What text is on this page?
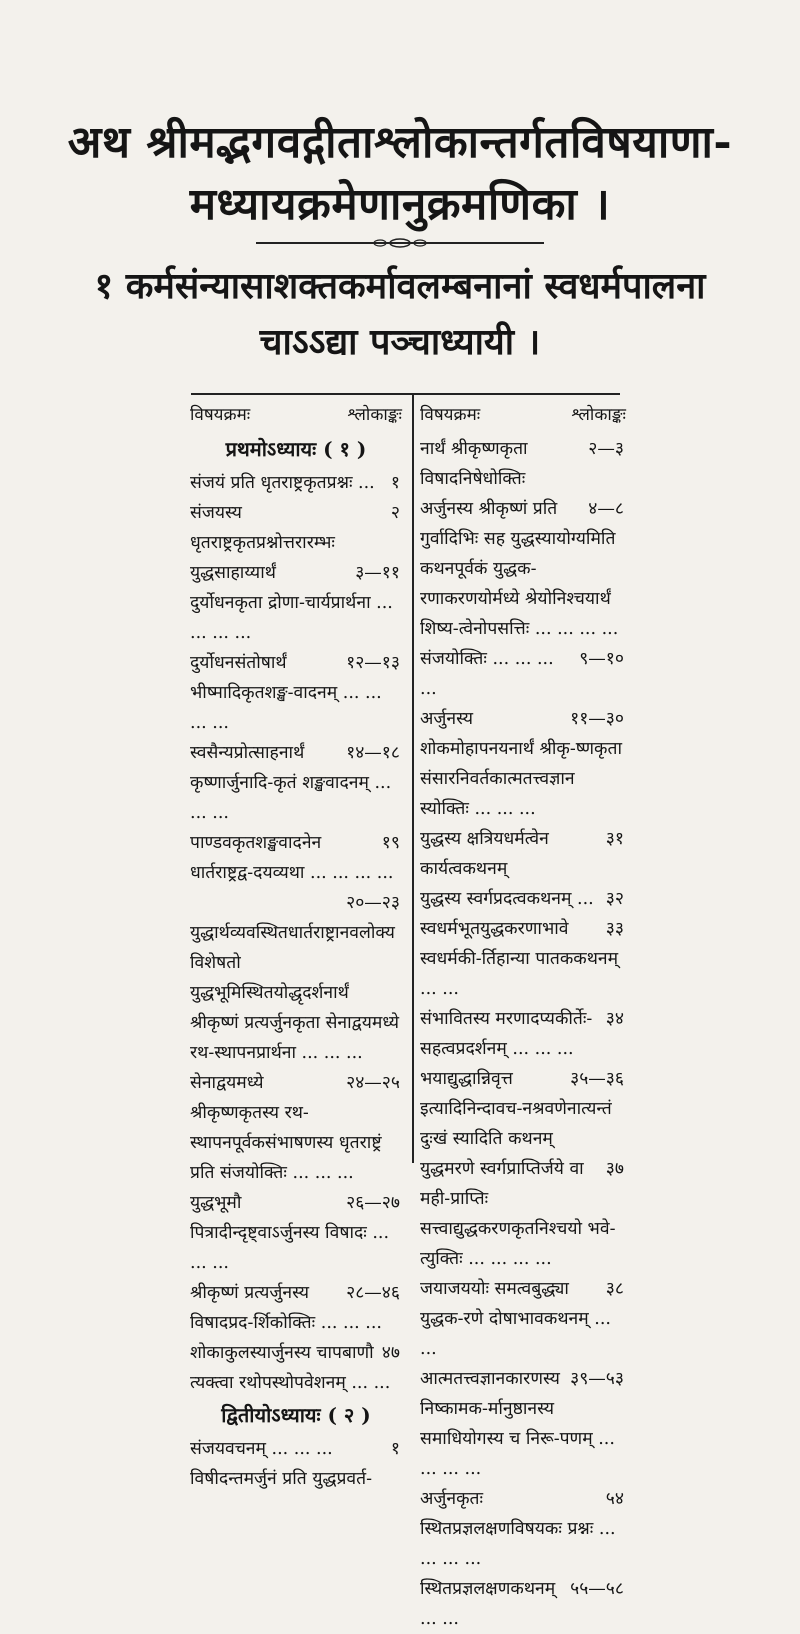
अथ श्रीमद्भगवद्गीताश्लोकान्तर्गतविषयाणा-
मध्यायक्रमेणानुक्रमणिका ।
१ कर्मसंन्यासाशक्तकर्मावलम्बनानां स्वधर्मपालना
चाऽऽद्या पञ्चाध्यायी ।
विषयक्रमः	श्लोकाङ्कः
प्रथमोऽध्यायः ( १ )
१
संजयं प्रति धृतराष्ट्रकृतप्रश्नः ...
२
संजयस्य धृतराष्ट्रकृतप्रश्नोत्तरारम्भः
३—११
युद्धसाहाय्यार्थं दुर्योधनकृता द्रोणा-चार्यप्रार्थना ... ... ... ...
१२—१३
दुर्योधनसंतोषार्थं भीष्मादिकृतशङ्ख-वादनम् ... ... ... ...
१४—१८
स्वसैन्यप्रोत्साहनार्थं कृष्णार्जुनादि-कृतं शङ्खवादनम् ... ... ...
१९
पाण्डवकृतशङ्खवादनेन धार्तराष्ट्रद्व-दयव्यथा ... ... ... ...
२०—२३
युद्धार्थव्यवस्थितधार्तराष्ट्रानवलोक्य विशेषतो युद्धभूमिस्थितयोद्धृदर्शनार्थं श्रीकृष्णं प्रत्यर्जुनकृता सेनाद्वयमध्ये रथ-स्थापनप्रार्थना ... ... ...
२४—२५
सेनाद्वयमध्ये श्रीकृष्णकृतस्य रथ-स्थापनपूर्वकसंभाषणस्य धृतराष्ट्रं प्रति संजयोक्तिः ... ... ...
२६—२७
युद्धभूमौ पित्रादीन्दृष्ट्वाऽर्जुनस्य विषादः ... ... ...
२८—४६
श्रीकृष्णं प्रत्यर्जुनस्य विषादप्रद-र्शिकोक्तिः ... ... ...
४७
शोकाकुलस्यार्जुनस्य चापबाणौ त्यक्त्वा रथोपस्थोपवेशनम् ... ...
द्वितीयोऽध्यायः ( २ )
१
संजयवचनम् ... ... ...
विषीदन्तमर्जुनं प्रति युद्धप्रवर्त-
विषयक्रमः	श्लोकाङ्कः
२—३
नार्थं श्रीकृष्णकृता विषादनिषेधोक्तिः
४—८
अर्जुनस्य श्रीकृष्णं प्रति गुर्वादिभिः सह युद्धस्यायोग्यमिति कथनपूर्वकं युद्धक-रणाकरणयोर्मध्ये श्रेयोनिश्चयार्थं शिष्य-त्वेनोपसत्तिः ... ... ... ...
९—१०
संजयोक्तिः ... ... ... ...
११—३०
अर्जुनस्य शोकमोहापनयनार्थं श्रीकृ-ष्णकृता संसारनिवर्तकात्मतत्त्वज्ञान स्योक्तिः ... ... ...
३१
युद्धस्य क्षत्रियधर्मत्वेन कार्यत्वकथनम्
३२
युद्धस्य स्वर्गप्रदत्वकथनम् ...
३३
स्वधर्मभूतयुद्धकरणाभावे स्वधर्मकी-र्तिहान्या पातककथनम् ... ...
३४
संभावितस्य मरणादप्यकीर्तेः-सहत्वप्रदर्शनम् ... ... ...
३५—३६
भयाद्युद्धान्निवृत्त इत्यादिनिन्दावच-नश्रवणेनात्यन्तं दुःखं स्यादिति कथनम्
३७
युद्धमरणे स्वर्गप्राप्तिर्जये वा मही-प्राप्तिः सत्त्वाद्युद्धकरणकृतनिश्चयो भवे-त्युक्तिः ... ... ... ...
३८
जयाजययोः समत्वबुद्ध्या युद्धक-रणे दोषाभावकथनम् ... ...
३९—५३
आत्मतत्त्वज्ञानकारणस्य निष्कामक-र्मानुष्ठानस्य समाधियोगस्य च निरू-पणम् ... ... ... ...
५४
अर्जुनकृतः स्थितप्रज्ञलक्षणविषयकः प्रश्नः ... ... ... ...
५५—५८
स्थितप्रज्ञलक्षणकथनम् ... ...
